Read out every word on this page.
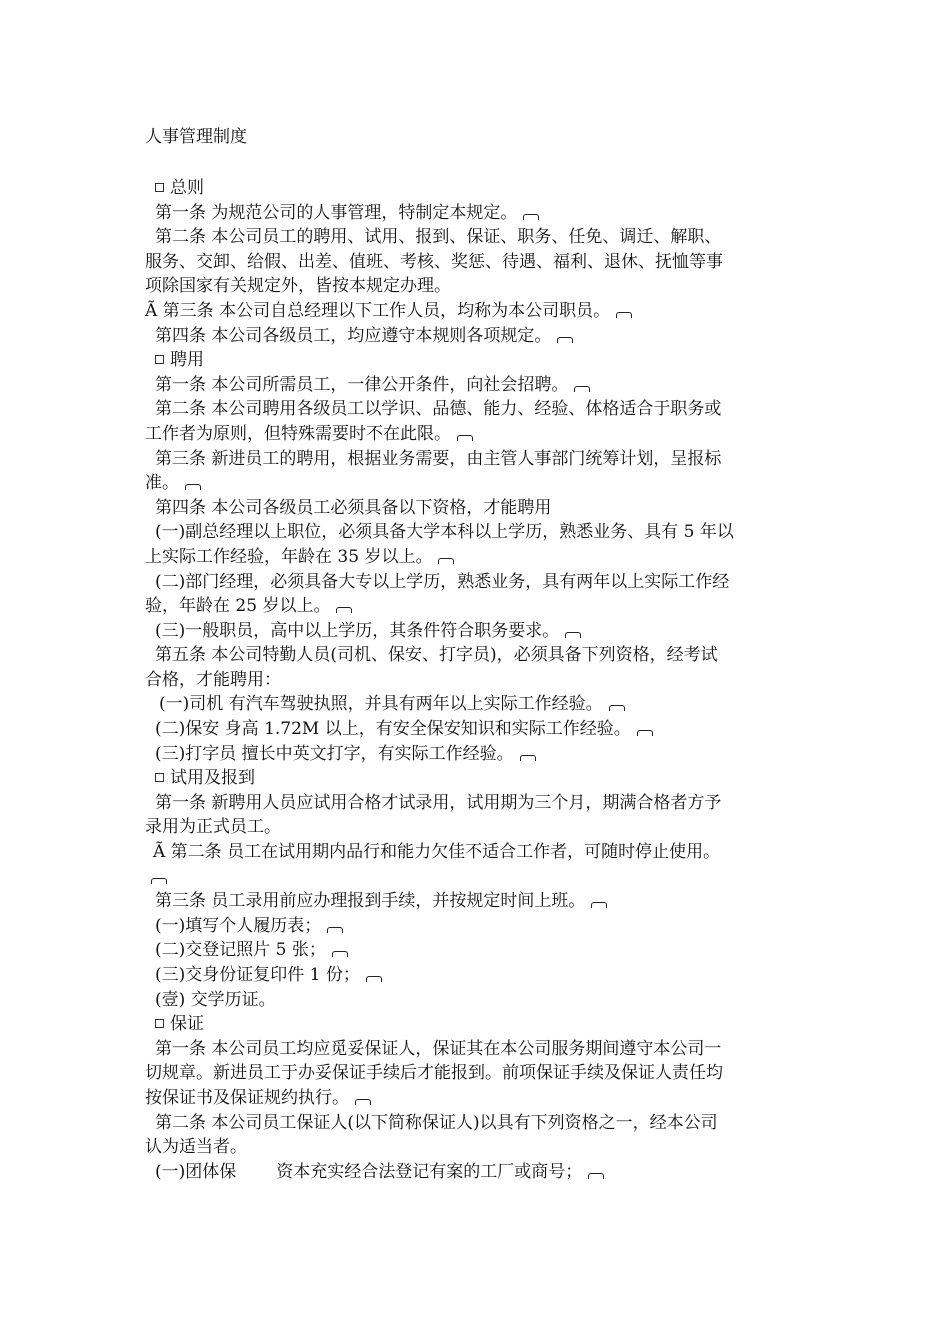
人事管理制度
总则
第一条 为规范公司的人事管理，特制定本规定。
第二条 本公司员工的聘用、试用、报到、保证、职务、任免、调迁、解职、
服务、交卸、给假、出差、值班、考核、奖惩、待遇、福利、退休、抚恤等事
项除国家有关规定外，皆按本规定办理。
Ã 第三条 本公司自总经理以下工作人员，均称为本公司职员。
第四条 本公司各级员工，均应遵守本规则各项规定。
聘用
第一条 本公司所需员工，一律公开条件，向社会招聘。
第二条 本公司聘用各级员工以学识、品德、能力、经验、体格适合于职务或
工作者为原则，但特殊需要时不在此限。
第三条 新进员工的聘用，根据业务需要，由主管人事部门统筹计划，呈报标
准。
第四条 本公司各级员工必须具备以下资格，才能聘用
(一)副总经理以上职位，必须具备大学本科以上学历，熟悉业务、具有 5 年以
上实际工作经验，年龄在 35 岁以上。
(二)部门经理，必须具备大专以上学历，熟悉业务，具有两年以上实际工作经
验，年龄在 25 岁以上。
(三)一般职员，高中以上学历，其条件符合职务要求。
第五条 本公司特勤人员(司机、保安、打字员)，必须具备下列资格，经考试
合格，才能聘用：
(一)司机 有汽车驾驶执照，并具有两年以上实际工作经验。
(二)保安 身高 1.72M 以上，有安全保安知识和实际工作经验。
(三)打字员 擅长中英文打字，有实际工作经验。
试用及报到
第一条 新聘用人员应试用合格才试录用，试用期为三个月，期满合格者方予
录用为正式员工。
Ã 第二条 员工在试用期内品行和能力欠佳不适合工作者，可随时停止使用。
第三条 员工录用前应办理报到手续，并按规定时间上班。
(一)填写个人履历表；
(二)交登记照片 5 张；
(三)交身份证复印件 1 份；
(壹) 交学历证。
保证
第一条 本公司员工均应觅妥保证人，保证其在本公司服务期间遵守本公司一
切规章。新进员工于办妥保证手续后才能报到。前项保证手续及保证人责任均
按保证书及保证规约执行。
第二条 本公司员工保证人(以下简称保证人)以具有下列资格之一，经本公司
认为适当者。
(一)团体保 资本充实经合法登记有案的工厂或商号；
